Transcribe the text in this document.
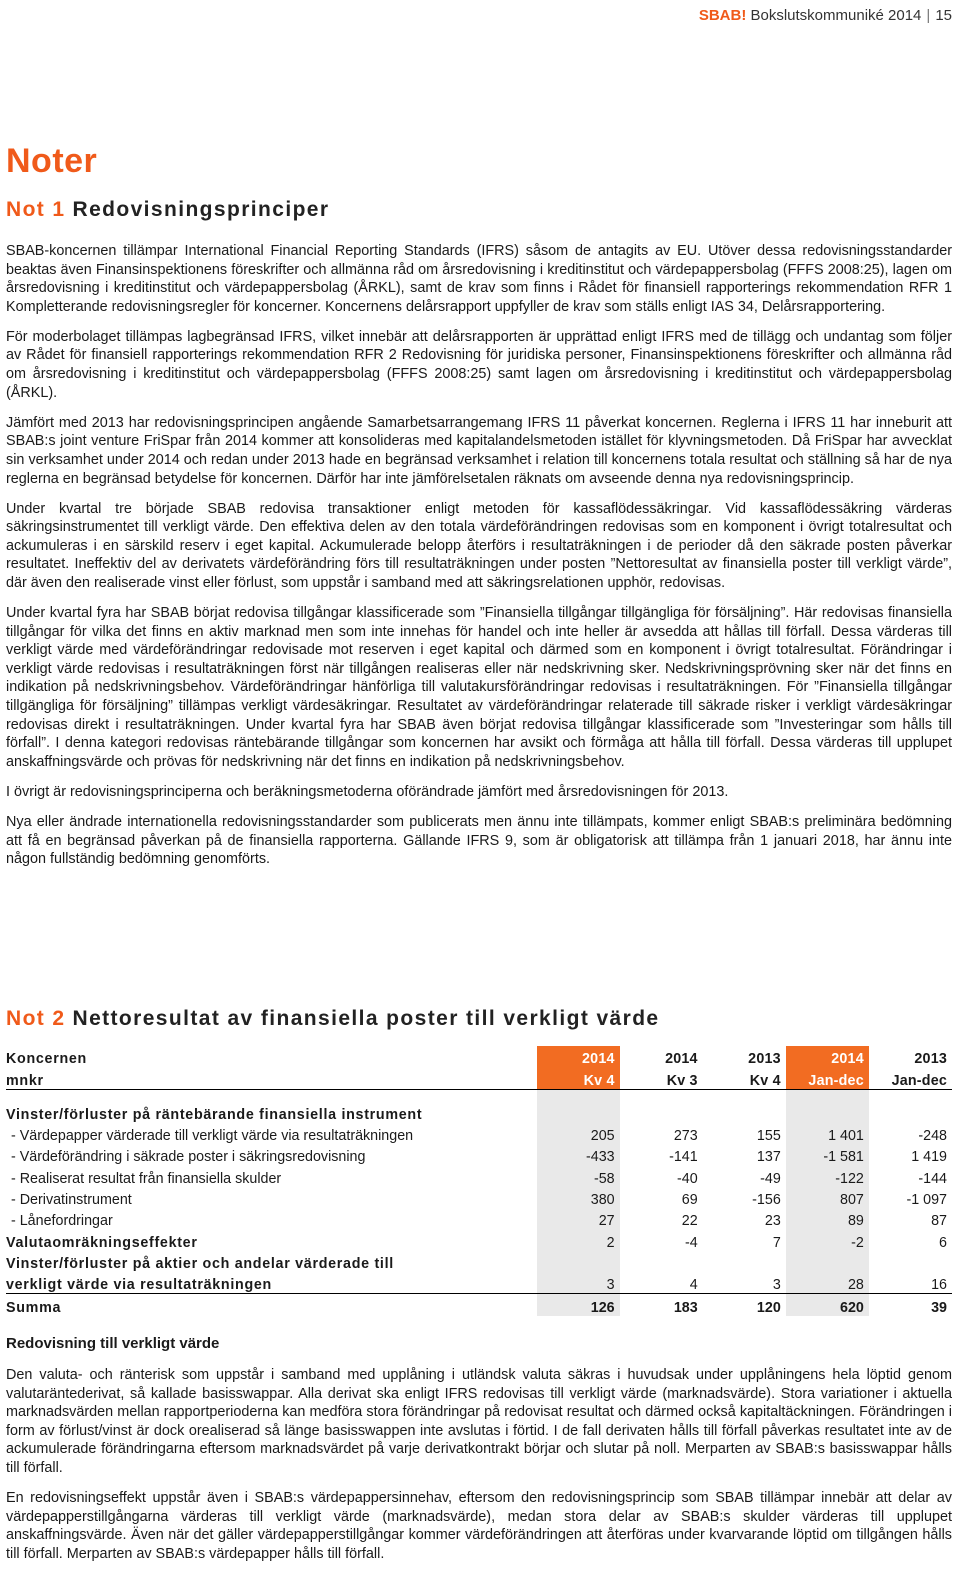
SBAB! Bokslutskommuniké 2014 | 15
Noter
Not 1 Redovisningsprinciper

SBAB-koncernen tillämpar International Financial Reporting Standards (IFRS) såsom de antagits av EU. Utöver dessa redovisningsstandarder beaktas även Finansinspektionens föreskrifter och allmänna råd om årsredovisning i kreditinstitut och värdepappersbolag (FFFS 2008:25), lagen om årsredovisning i kreditinstitut och värdepappersbolag (ÅRKL), samt de krav som finns i Rådet för finansiell rapporterings rekommendation RFR 1 Kompletterande redovisningsregler för koncerner. Koncernens delårsrapport uppfyller de krav som ställs enligt IAS 34, Delårsrapportering.

För moderbolaget tillämpas lagbegränsad IFRS, vilket innebär att delårsrapporten är upprättad enligt IFRS med de tillägg och undantag som följer av Rådet för finansiell rapporterings rekommendation RFR 2 Redovisning för juridiska personer, Finansinspektionens föreskrifter och allmänna råd om årsredovisning i kreditinstitut och värdepappersbolag (FFFS 2008:25) samt lagen om årsredovisning i kreditinstitut och värdepappersbolag (ÅRKL).

Jämfört med 2013 har redovisningsprincipen angående Samarbetsarrangemang IFRS 11 påverkat koncernen. Reglerna i IFRS 11 har inneburit att SBAB:s joint venture FriSpar från 2014 kommer att konsolideras med kapitalandelsmetoden istället för klyvningsmetoden. Då FriSpar har avvecklat sin verksamhet under 2014 och redan under 2013 hade en begränsad verksamhet i relation till koncernens totala resultat och ställning så har de nya reglerna en begränsad betydelse för koncernen. Därför har inte jämförelsetalen räknats om avseende denna nya redovisningsprincip.

Under kvartal tre började SBAB redovisa transaktioner enligt metoden för kassaflödessäkringar. Vid kassaflödessäkring värderas säkringsinstrumentet till verkligt värde. Den effektiva delen av den totala värdeförändringen redovisas som en komponent i övrigt totalresultat och ackumuleras i en särskild reserv i eget kapital. Ackumulerade belopp återförs i resultaträkningen i de perioder då den säkrade posten påverkar resultatet. Ineffektiv del av derivatets värdeförändring förs till resultaträkningen under posten ”Nettoresultat av finansiella poster till verkligt värde”, där även den realiserade vinst eller förlust, som uppstår i samband med att säkringsrelationen upphör, redovisas.

Under kvartal fyra har SBAB börjat redovisa tillgångar klassificerade som ”Finansiella tillgångar tillgängliga för försäljning”. Här redovisas finansiella tillgångar för vilka det finns en aktiv marknad men som inte innehas för handel och inte heller är avsedda att hållas till förfall. Dessa värderas till verkligt värde med värdeförändringar redovisade mot reserven i eget kapital och därmed som en komponent i övrigt totalresultat. Förändringar i verkligt värde redovisas i resultaträkningen först när tillgången realiseras eller när nedskrivning sker. Nedskrivningsprövning sker när det finns en indikation på nedskrivningsbehov. Värdeförändringar hänförliga till valutakursförändringar redovisas i resultaträkningen. För ”Finansiella tillgångar tillgängliga för försäljning” tillämpas verkligt värdesäkringar. Resultatet av värdeförändringar relaterade till säkrade risker i verkligt värdesäkringar redovisas direkt i resultaträkningen. Under kvartal fyra har SBAB även börjat redovisa tillgångar klassificerade som ”Investeringar som hålls till förfall”. I denna kategori redovisas räntebärande tillgångar som koncernen har avsikt och förmåga att hålla till förfall. Dessa värderas till upplupet anskaffningsvärde och prövas för nedskrivning när det finns en indikation på nedskrivningsbehov.

I övrigt är redovisningsprinciperna och beräkningsmetoderna oförändrade jämfört med årsredovisningen för 2013.

Nya eller ändrade internationella redovisningsstandarder som publicerats men ännu inte tillämpats, kommer enligt SBAB:s preliminära bedömning att få en begränsad påverkan på de finansiella rapporterna. Gällande IFRS 9, som är obligatorisk att tillämpa från 1 januari 2018, har ännu inte någon fullständig bedömning genomförts.

Not 2 Nettoresultat av finansiella poster till verkligt värde
Koncernen	2014	2014	2013	2014	2013
mnkr	Kv 4	Kv 3	Kv 4	Jan-dec	Jan-dec

Vinster/förluster på räntebärande finansiella instrument					
- Värdepapper värderade till verkligt värde via resultaträkningen	205	273	155	1 401	-248
- Värdeförändring i säkrade poster i säkringsredovisning	-433	-141	137	-1 581	1 419
- Realiserat resultat från finansiella skulder	-58	-40	-49	-122	-144
- Derivatinstrument	380	69	-156	807	-1 097
- Lånefordringar	27	22	23	89	87
Valutaomräkningseffekter	2	-4	7	-2	6
Vinster/förluster på aktier och andelar värderade till					
verkligt värde via resultaträkningen	3	4	3	28	16
Summa	126	183	120	620	39
Redovisning till verkligt värde

Den valuta- och ränterisk som uppstår i samband med upplåning i utländsk valuta säkras i huvudsak under upplåningens hela löptid genom valutaräntederivat, så kallade basisswappar. Alla derivat ska enligt IFRS redovisas till verkligt värde (marknadsvärde). Stora variationer i aktuella marknadsvärden mellan rapportperioderna kan medföra stora förändringar på redovisat resultat och därmed också kapitaltäckningen. Förändringen i form av förlust/vinst är dock orealiserad så länge basisswappen inte avslutas i förtid. I de fall derivaten hålls till förfall påverkas resultatet inte av de ackumulerade förändringarna eftersom marknadsvärdet på varje derivatkontrakt börjar och slutar på noll. Merparten av SBAB:s basisswappar hålls till förfall.

En redovisningseffekt uppstår även i SBAB:s värdepappersinnehav, eftersom den redovisningsprincip som SBAB tillämpar innebär att delar av värdepapperstillgångarna värderas till verkligt värde (marknadsvärde), medan stora delar av SBAB:s skulder värderas till upplupet anskaffningsvärde. Även när det gäller värdepapperstillgångar kommer värdeförändringen att återföras under kvarvarande löptid om tillgången hålls till förfall. Merparten av SBAB:s värdepapper hålls till förfall.
